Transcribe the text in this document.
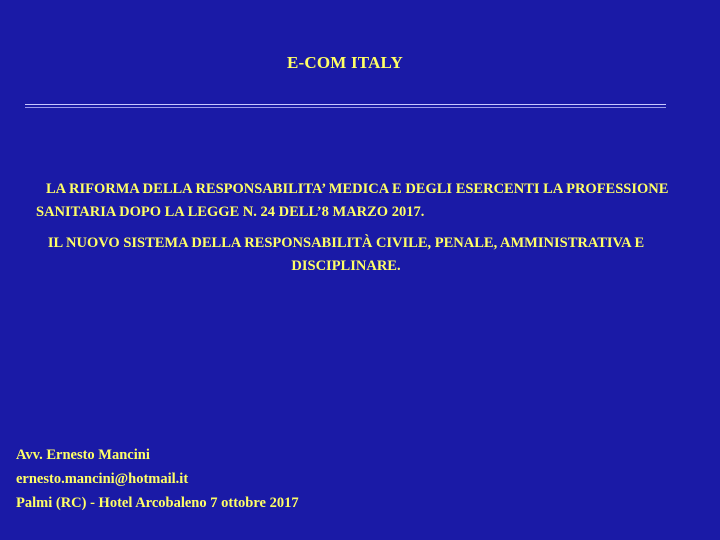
E-COM ITALY

LA RIFORMA DELLA RESPONSABILITA’ MEDICA E DEGLI ESERCENTI LA PROFESSIONE SANITARIA DOPO LA LEGGE N. 24 DELL’8 MARZO 2017.

IL NUOVO SISTEMA DELLA RESPONSABILITÀ CIVILE, PENALE, AMMINISTRATIVA E DISCIPLINARE.

Avv. Ernesto Mancini
ernesto.mancini@hotmail.it
Palmi (RC) - Hotel Arcobaleno 7 ottobre 2017
